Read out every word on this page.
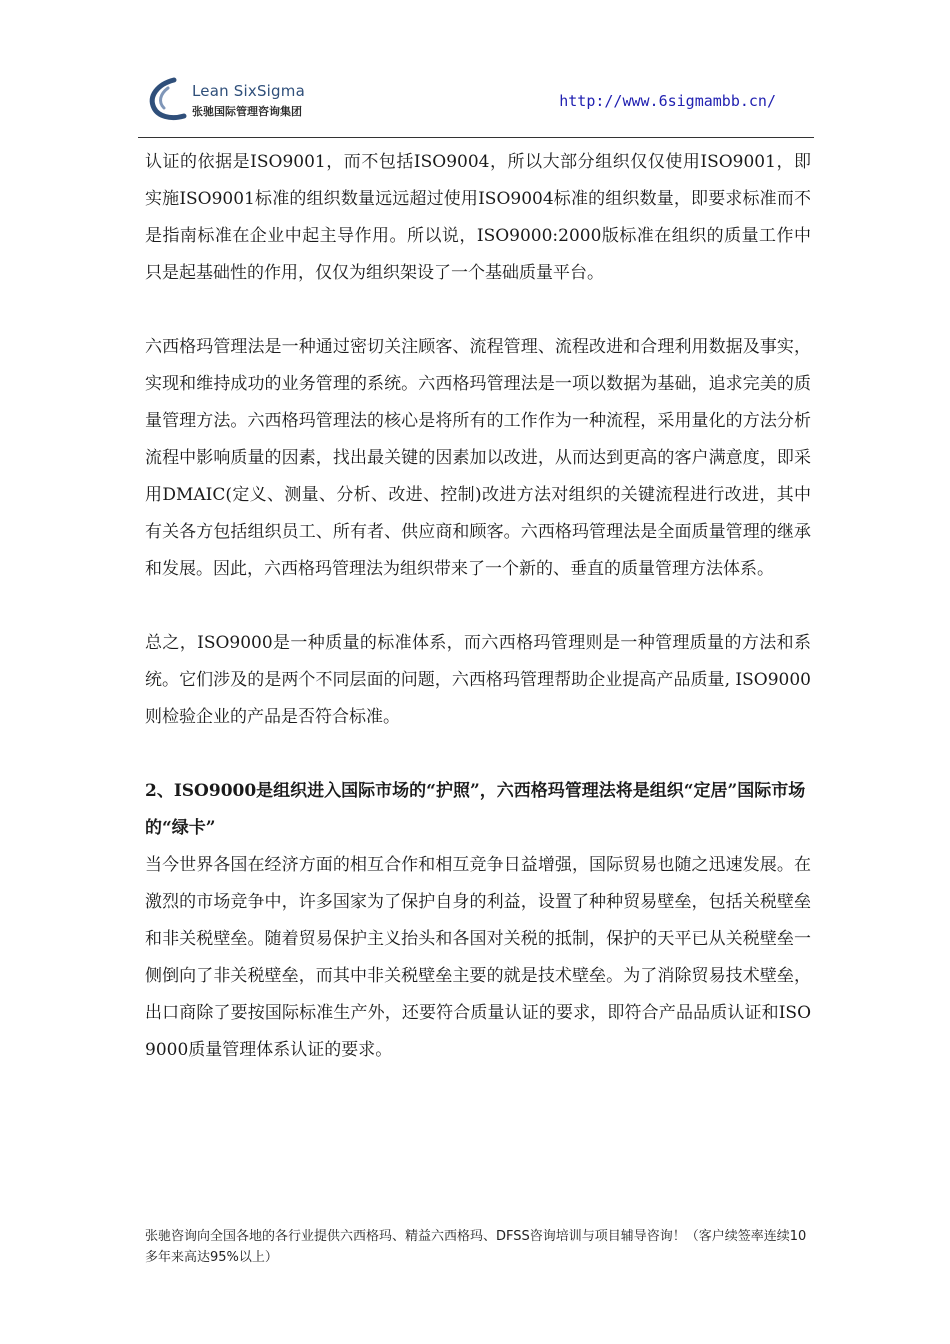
Lean SixSigma
张驰国际管理咨询集团
http://www.6sigmambb.cn/

认证的依据是ISO9001，而不包括ISO9004，所以大部分组织仅仅使用ISO9001，即实施ISO9001标准的组织数量远远超过使用ISO9004标准的组织数量，即要求标准而不是指南标准在企业中起主导作用。所以说，ISO9000:2000版标准在组织的质量工作中只是起基础性的作用，仅仅为组织架设了一个基础质量平台。

六西格玛管理法是一种通过密切关注顾客、流程管理、流程改进和合理利用数据及事实，实现和维持成功的业务管理的系统。六西格玛管理法是一项以数据为基础，追求完美的质量管理方法。六西格玛管理法的核心是将所有的工作作为一种流程，采用量化的方法分析流程中影响质量的因素，找出最关键的因素加以改进，从而达到更高的客户满意度，即采用DMAIC(定义、测量、分析、改进、控制)改进方法对组织的关键流程进行改进，其中有关各方包括组织员工、所有者、供应商和顾客。六西格玛管理法是全面质量管理的继承和发展。因此，六西格玛管理法为组织带来了一个新的、垂直的质量管理方法体系。

总之，ISO9000是一种质量的标准体系，而六西格玛管理则是一种管理质量的方法和系统。它们涉及的是两个不同层面的问题，六西格玛管理帮助企业提高产品质量, ISO9000则检验企业的产品是否符合标准。

2、ISO9000是组织进入国际市场的“护照”，六西格玛管理法将是组织“定居”国际市场的“绿卡”

当今世界各国在经济方面的相互合作和相互竞争日益增强，国际贸易也随之迅速发展。在激烈的市场竞争中，许多国家为了保护自身的利益，设置了种种贸易壁垒，包括关税壁垒和非关税壁垒。随着贸易保护主义抬头和各国对关税的抵制，保护的天平已从关税壁垒一侧倒向了非关税壁垒，而其中非关税壁垒主要的就是技术壁垒。为了消除贸易技术壁垒，出口商除了要按国际标准生产外，还要符合质量认证的要求，即符合产品品质认证和ISO9000质量管理体系认证的要求。

张驰咨询向全国各地的各行业提供六西格玛、精益六西格玛、DFSS咨询培训与项目辅导咨询！（客户续签率连续10多年来高达95%以上）
